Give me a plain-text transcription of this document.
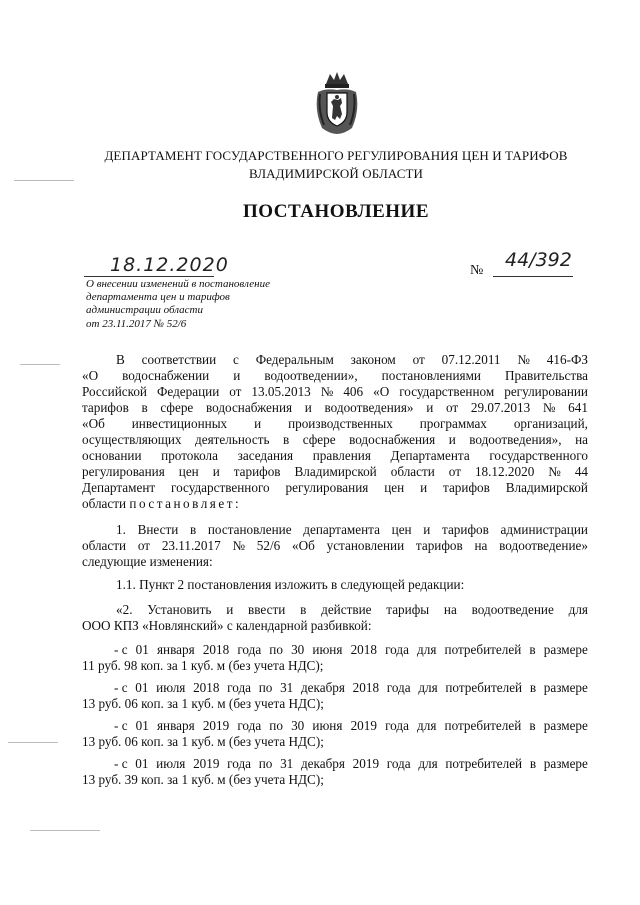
ДЕПАРТАМЕНТ ГОСУДАРСТВЕННОГО РЕГУЛИРОВАНИЯ ЦЕН И ТАРИФОВ
ВЛАДИМИРСКОЙ ОБЛАСТИ
ПОСТАНОВЛЕНИЕ
18.12.2020	№ 44/392
О внесении изменений в постановление
департамента цен и тарифов
администрации области
от 23.11.2017 № 52/6
В соответствии с Федеральным законом от 07.12.2011 № 416-ФЗ
«О водоснабжении и водоотведении», постановлениями Правительства
Российской Федерации от 13.05.2013 № 406 «О государственном регулировании
тарифов в сфере водоснабжения и водоотведения» и от 29.07.2013 № 641
«Об инвестиционных и производственных программах организаций,
осуществляющих деятельность в сфере водоснабжения и водоотведения», на
основании протокола заседания правления Департамента государственного
регулирования цен и тарифов Владимирской области от 18.12.2020 № 44
Департамент государственного регулирования цен и тарифов Владимирской
области
постановляет:
1. Внести в постановление департамента цен и тарифов администрации
области от 23.11.2017 № 52/6 «Об установлении тарифов на водоотведение»
следующие изменения:
1.1. Пункт 2 постановления изложить в следующей редакции:
«2. Установить и ввести в действие тарифы на водоотведение для
ООО КПЗ «Новлянский» с календарной разбивкой:
- с 01 января 2018 года по 30 июня 2018 года для потребителей в размере
11 руб. 98 коп. за 1 куб. м (без учета НДС);
- с 01 июля 2018 года по 31 декабря 2018 года для потребителей в размере
13 руб. 06 коп. за 1 куб. м (без учета НДС);
- с 01 января 2019 года по 30 июня 2019 года для потребителей в размере
13 руб. 06 коп. за 1 куб. м (без учета НДС);
- с 01 июля 2019 года по 31 декабря 2019 года для потребителей в размере
13 руб. 39 коп. за 1 куб. м (без учета НДС);
